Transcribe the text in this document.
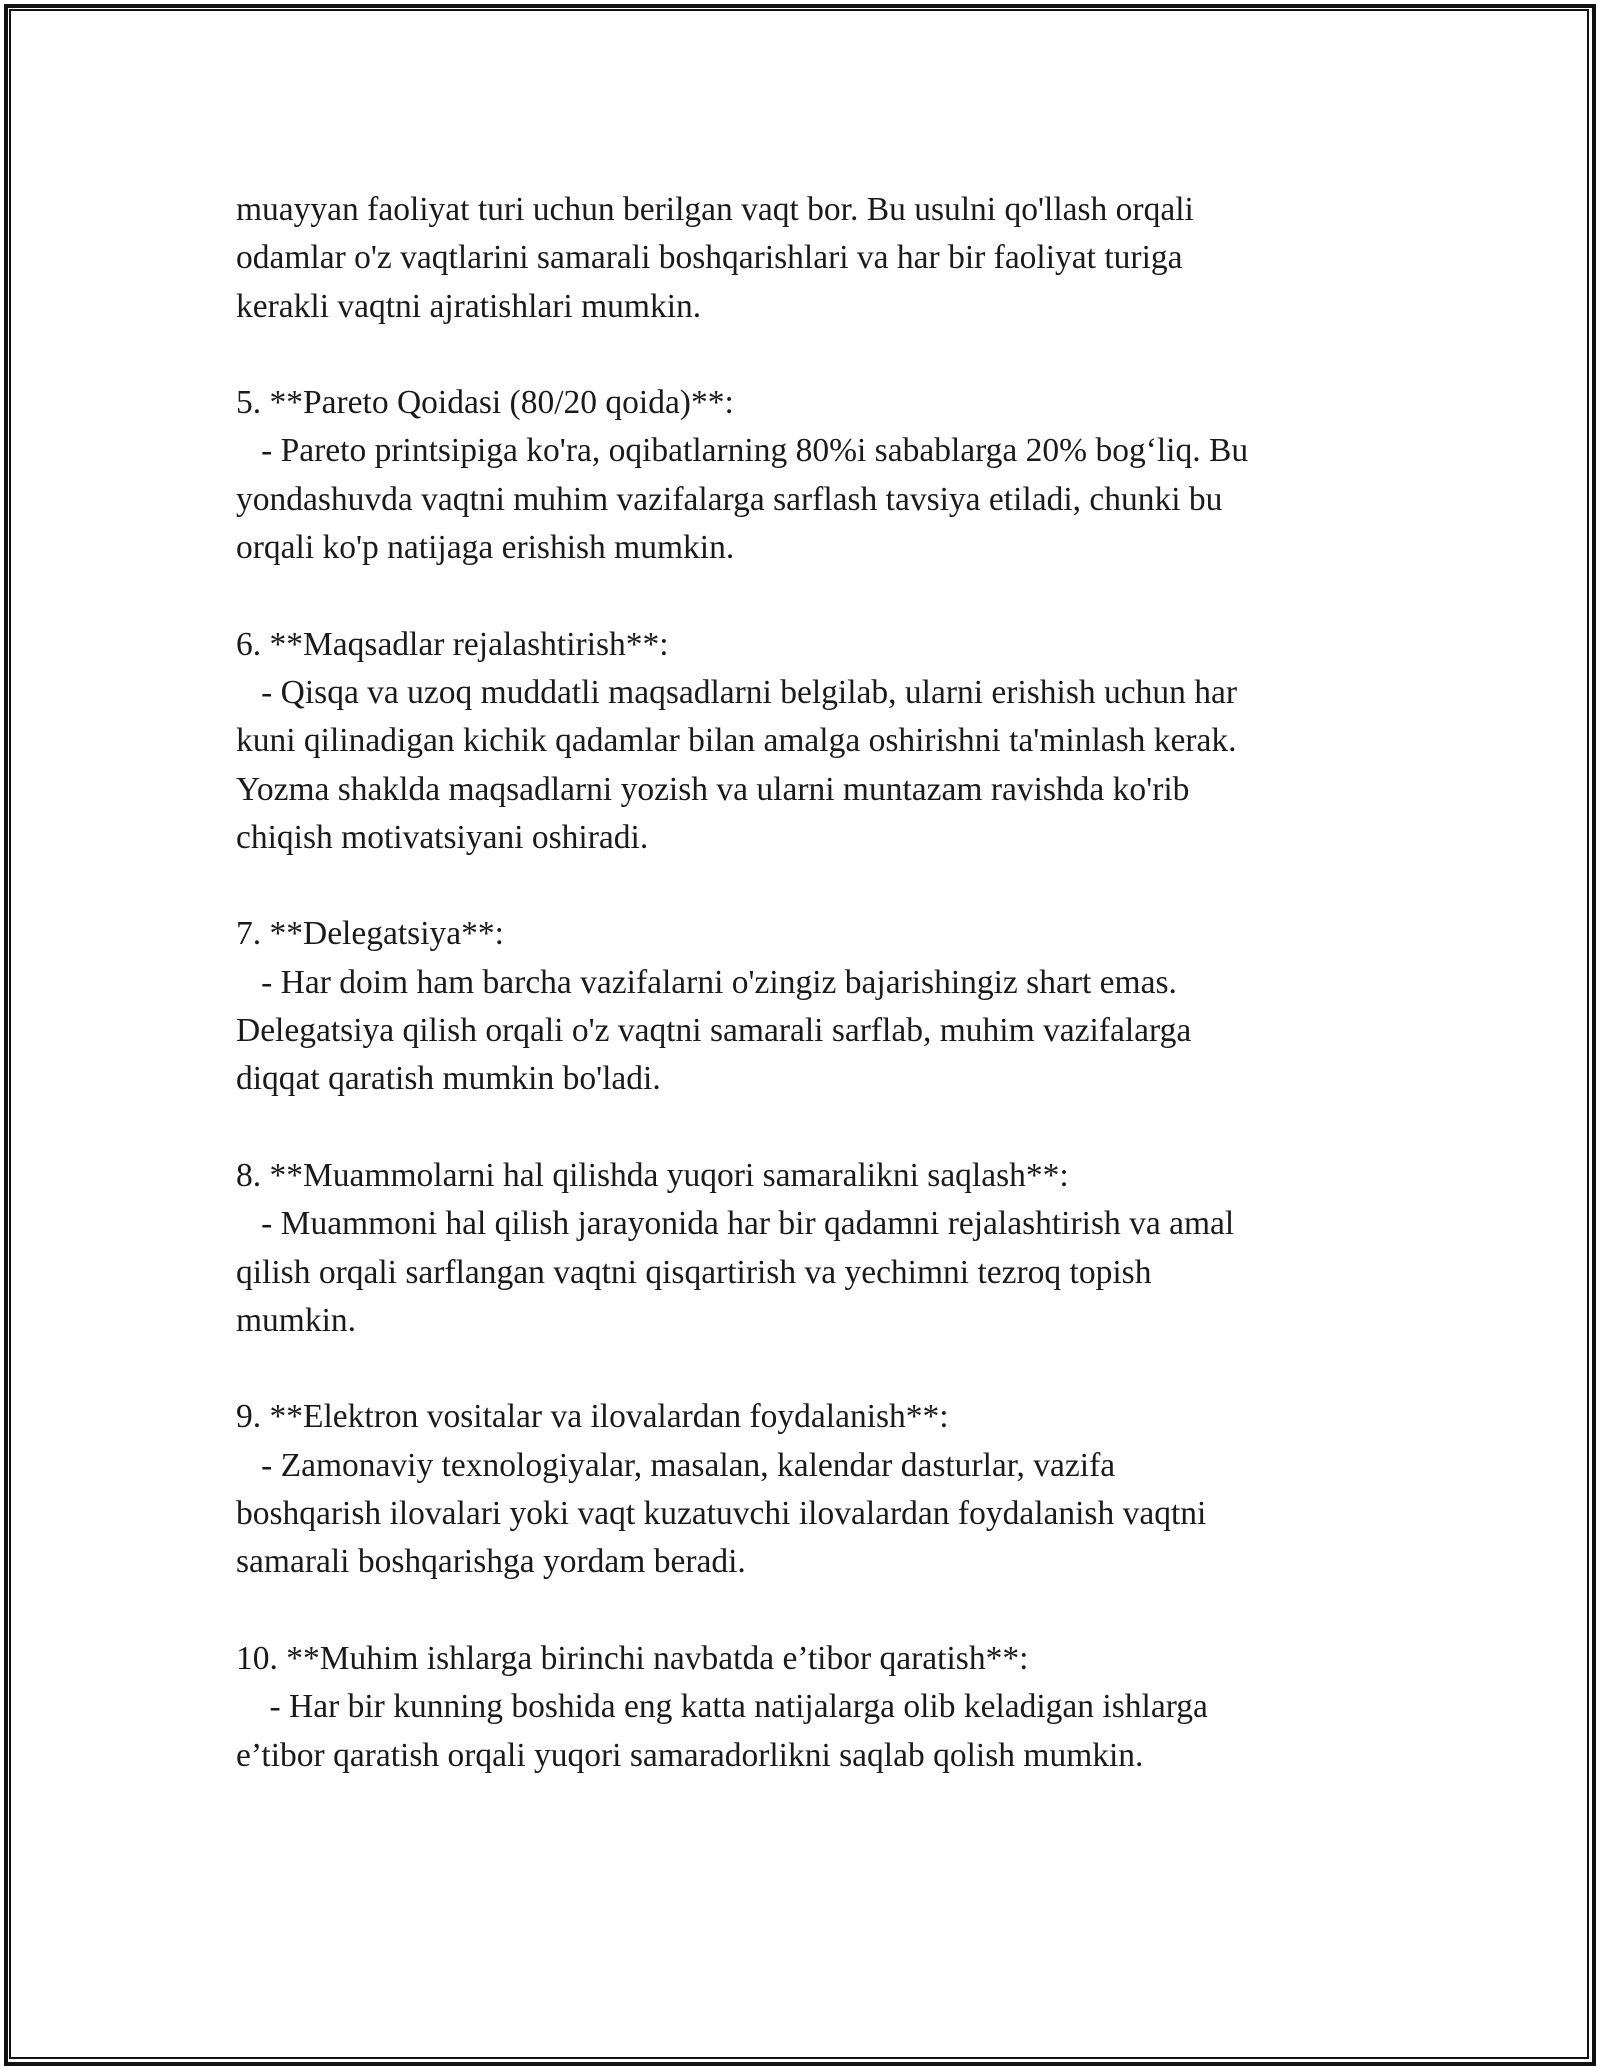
muayyan faoliyat turi uchun berilgan vaqt bor. Bu usulni qo'llash orqali
odamlar o'z vaqtlarini samarali boshqarishlari va har bir faoliyat turiga
kerakli vaqtni ajratishlari mumkin.
5. **Pareto Qoidasi (80/20 qoida)**:
- Pareto printsipiga ko'ra, oqibatlarning 80%i sabablarga 20% bog‘liq. Bu
yondashuvda vaqtni muhim vazifalarga sarflash tavsiya etiladi, chunki bu
orqali ko'p natijaga erishish mumkin.
6. **Maqsadlar rejalashtirish**:
- Qisqa va uzoq muddatli maqsadlarni belgilab, ularni erishish uchun har
kuni qilinadigan kichik qadamlar bilan amalga oshirishni ta'minlash kerak.
Yozma shaklda maqsadlarni yozish va ularni muntazam ravishda ko'rib
chiqish motivatsiyani oshiradi.
7. **Delegatsiya**:
- Har doim ham barcha vazifalarni o'zingiz bajarishingiz shart emas.
Delegatsiya qilish orqali o'z vaqtni samarali sarflab, muhim vazifalarga
diqqat qaratish mumkin bo'ladi.
8. **Muammolarni hal qilishda yuqori samaralikni saqlash**:
- Muammoni hal qilish jarayonida har bir qadamni rejalashtirish va amal
qilish orqali sarflangan vaqtni qisqartirish va yechimni tezroq topish
mumkin.
9. **Elektron vositalar va ilovalardan foydalanish**:
- Zamonaviy texnologiyalar, masalan, kalendar dasturlar, vazifa
boshqarish ilovalari yoki vaqt kuzatuvchi ilovalardan foydalanish vaqtni
samarali boshqarishga yordam beradi.
10. **Muhim ishlarga birinchi navbatda e’tibor qaratish**:
- Har bir kunning boshida eng katta natijalarga olib keladigan ishlarga
e’tibor qaratish orqali yuqori samaradorlikni saqlab qolish mumkin.
